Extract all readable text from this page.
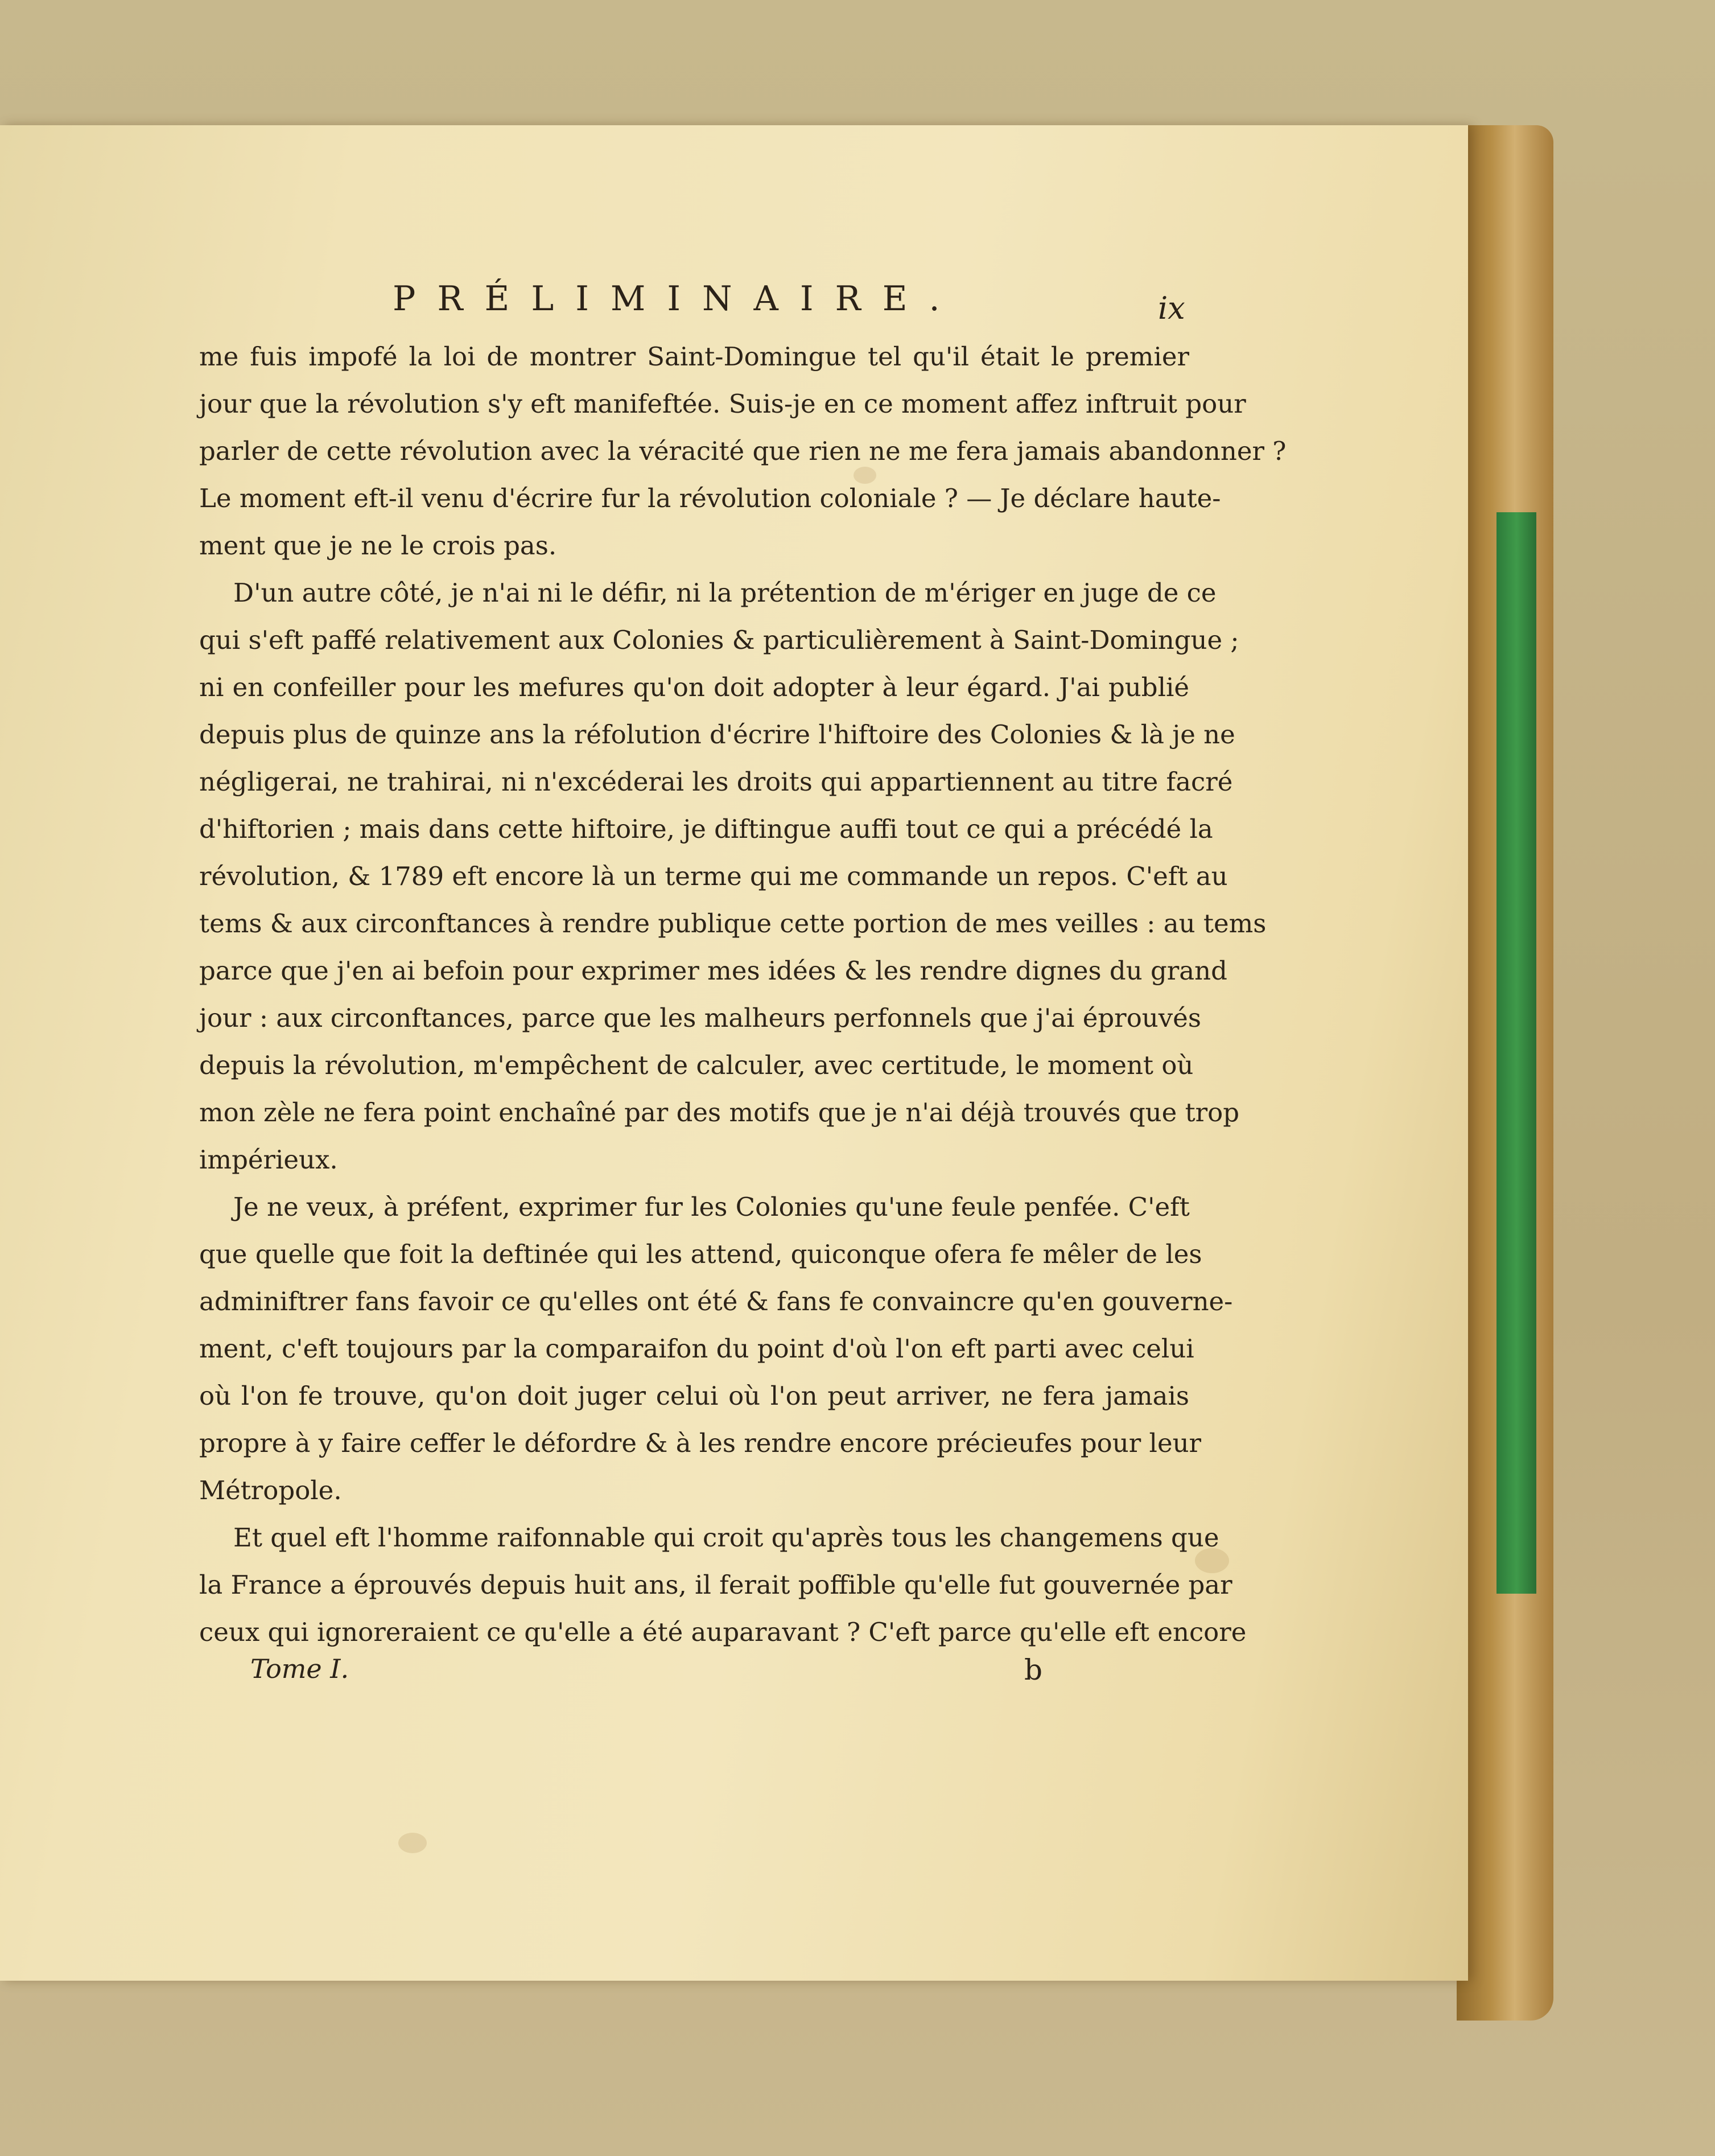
PRÉLIMINAIRE.	ix

me fuis impofé la loi de montrer Saint-Domingue tel qu'il était le premier
jour que la révolution s'y eft manifeftée. Suis-je en ce moment affez inftruit pour
parler de cette révolution avec la véracité que rien ne me fera jamais abandonner ?
Le moment eft-il venu d'écrire fur la révolution coloniale ? — Je déclare haute-
ment que je ne le crois pas.

D'un autre côté, je n'ai ni le défir, ni la prétention de m'ériger en juge de ce
qui s'eft paffé relativement aux Colonies & particulièrement à Saint-Domingue ;
ni en confeiller pour les mefures qu'on doit adopter à leur égard. J'ai publié
depuis plus de quinze ans la réfolution d'écrire l'hiftoire des Colonies & là je ne
négligerai, ne trahirai, ni n'excéderai les droits qui appartiennent au titre facré
d'hiftorien ; mais dans cette hiftoire, je diftingue auffi tout ce qui a précédé la
révolution, & 1789 eft encore là un terme qui me commande un repos. C'eft au
tems & aux circonftances à rendre publique cette portion de mes veilles : au tems
parce que j'en ai befoin pour exprimer mes idées & les rendre dignes du grand
jour : aux circonftances, parce que les malheurs perfonnels que j'ai éprouvés
depuis la révolution, m'empêchent de calculer, avec certitude, le moment où
mon zèle ne fera point enchaîné par des motifs que je n'ai déjà trouvés que trop
impérieux.

Je ne veux, à préfent, exprimer fur les Colonies qu'une feule penfée. C'eft
que quelle que foit la deftinée qui les attend, quiconque ofera fe mêler de les
adminiftrer fans favoir ce qu'elles ont été & fans fe convaincre qu'en gouverne-
ment, c'eft toujours par la comparaifon du point d'où l'on eft parti avec celui
où l'on fe trouve, qu'on doit juger celui où l'on peut arriver, ne fera jamais
propre à y faire ceffer le défordre & à les rendre encore précieufes pour leur
Métropole.

Et quel eft l'homme raifonnable qui croit qu'après tous les changemens que
la France a éprouvés depuis huit ans, il ferait poffible qu'elle fut gouvernée par
ceux qui ignoreraient ce qu'elle a été auparavant ? C'eft parce qu'elle eft encore

Tome I.	b
